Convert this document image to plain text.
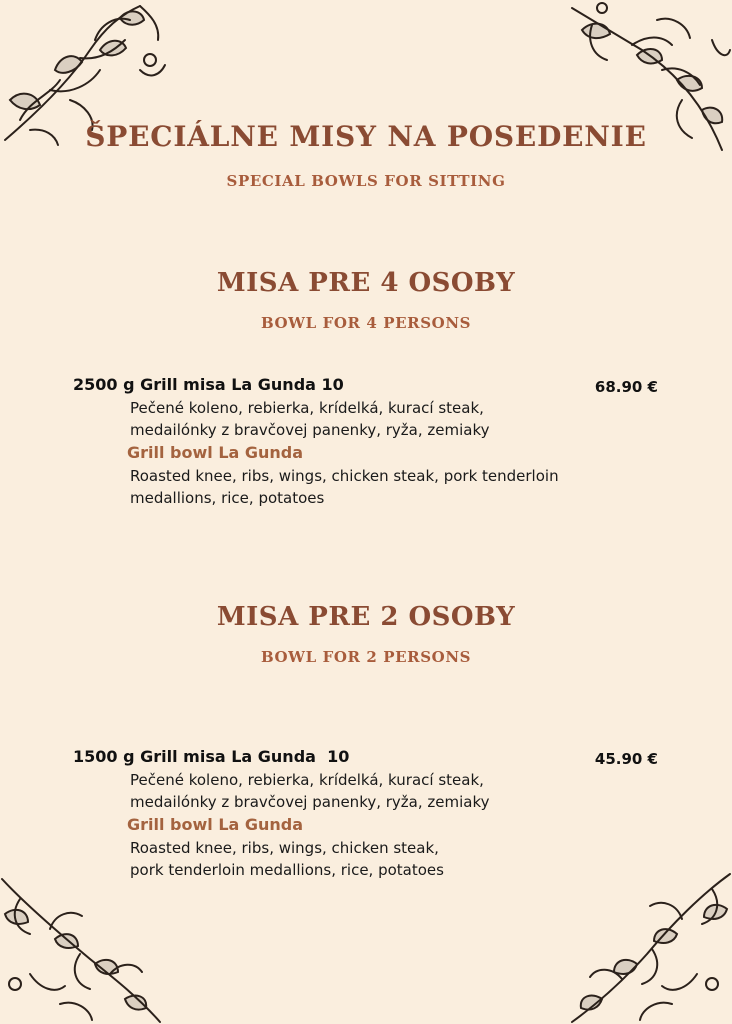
ŠPECIÁLNE MISY NA POSEDENIE
SPECIAL BOWLS FOR SITTING
MISA PRE 4 OSOBY
BOWL FOR 4 PERSONS
2500 g Grill misa La Gunda 10	68.90 €
Pečené koleno, rebierka, krídelká, kurací steak,
medailónky z bravčovej panenky, ryža, zemiaky
Grill bowl La Gunda
Roasted knee, ribs, wings, chicken steak, pork tenderloin
medallions, rice, potatoes
MISA PRE 2 OSOBY
BOWL FOR 2 PERSONS
1500 g Grill misa La Gunda  10	45.90 €
Pečené koleno, rebierka, krídelká, kurací steak,
medailónky z bravčovej panenky, ryža, zemiaky
Grill bowl La Gunda
Roasted knee, ribs, wings, chicken steak,
pork tenderloin medallions, rice, potatoes
